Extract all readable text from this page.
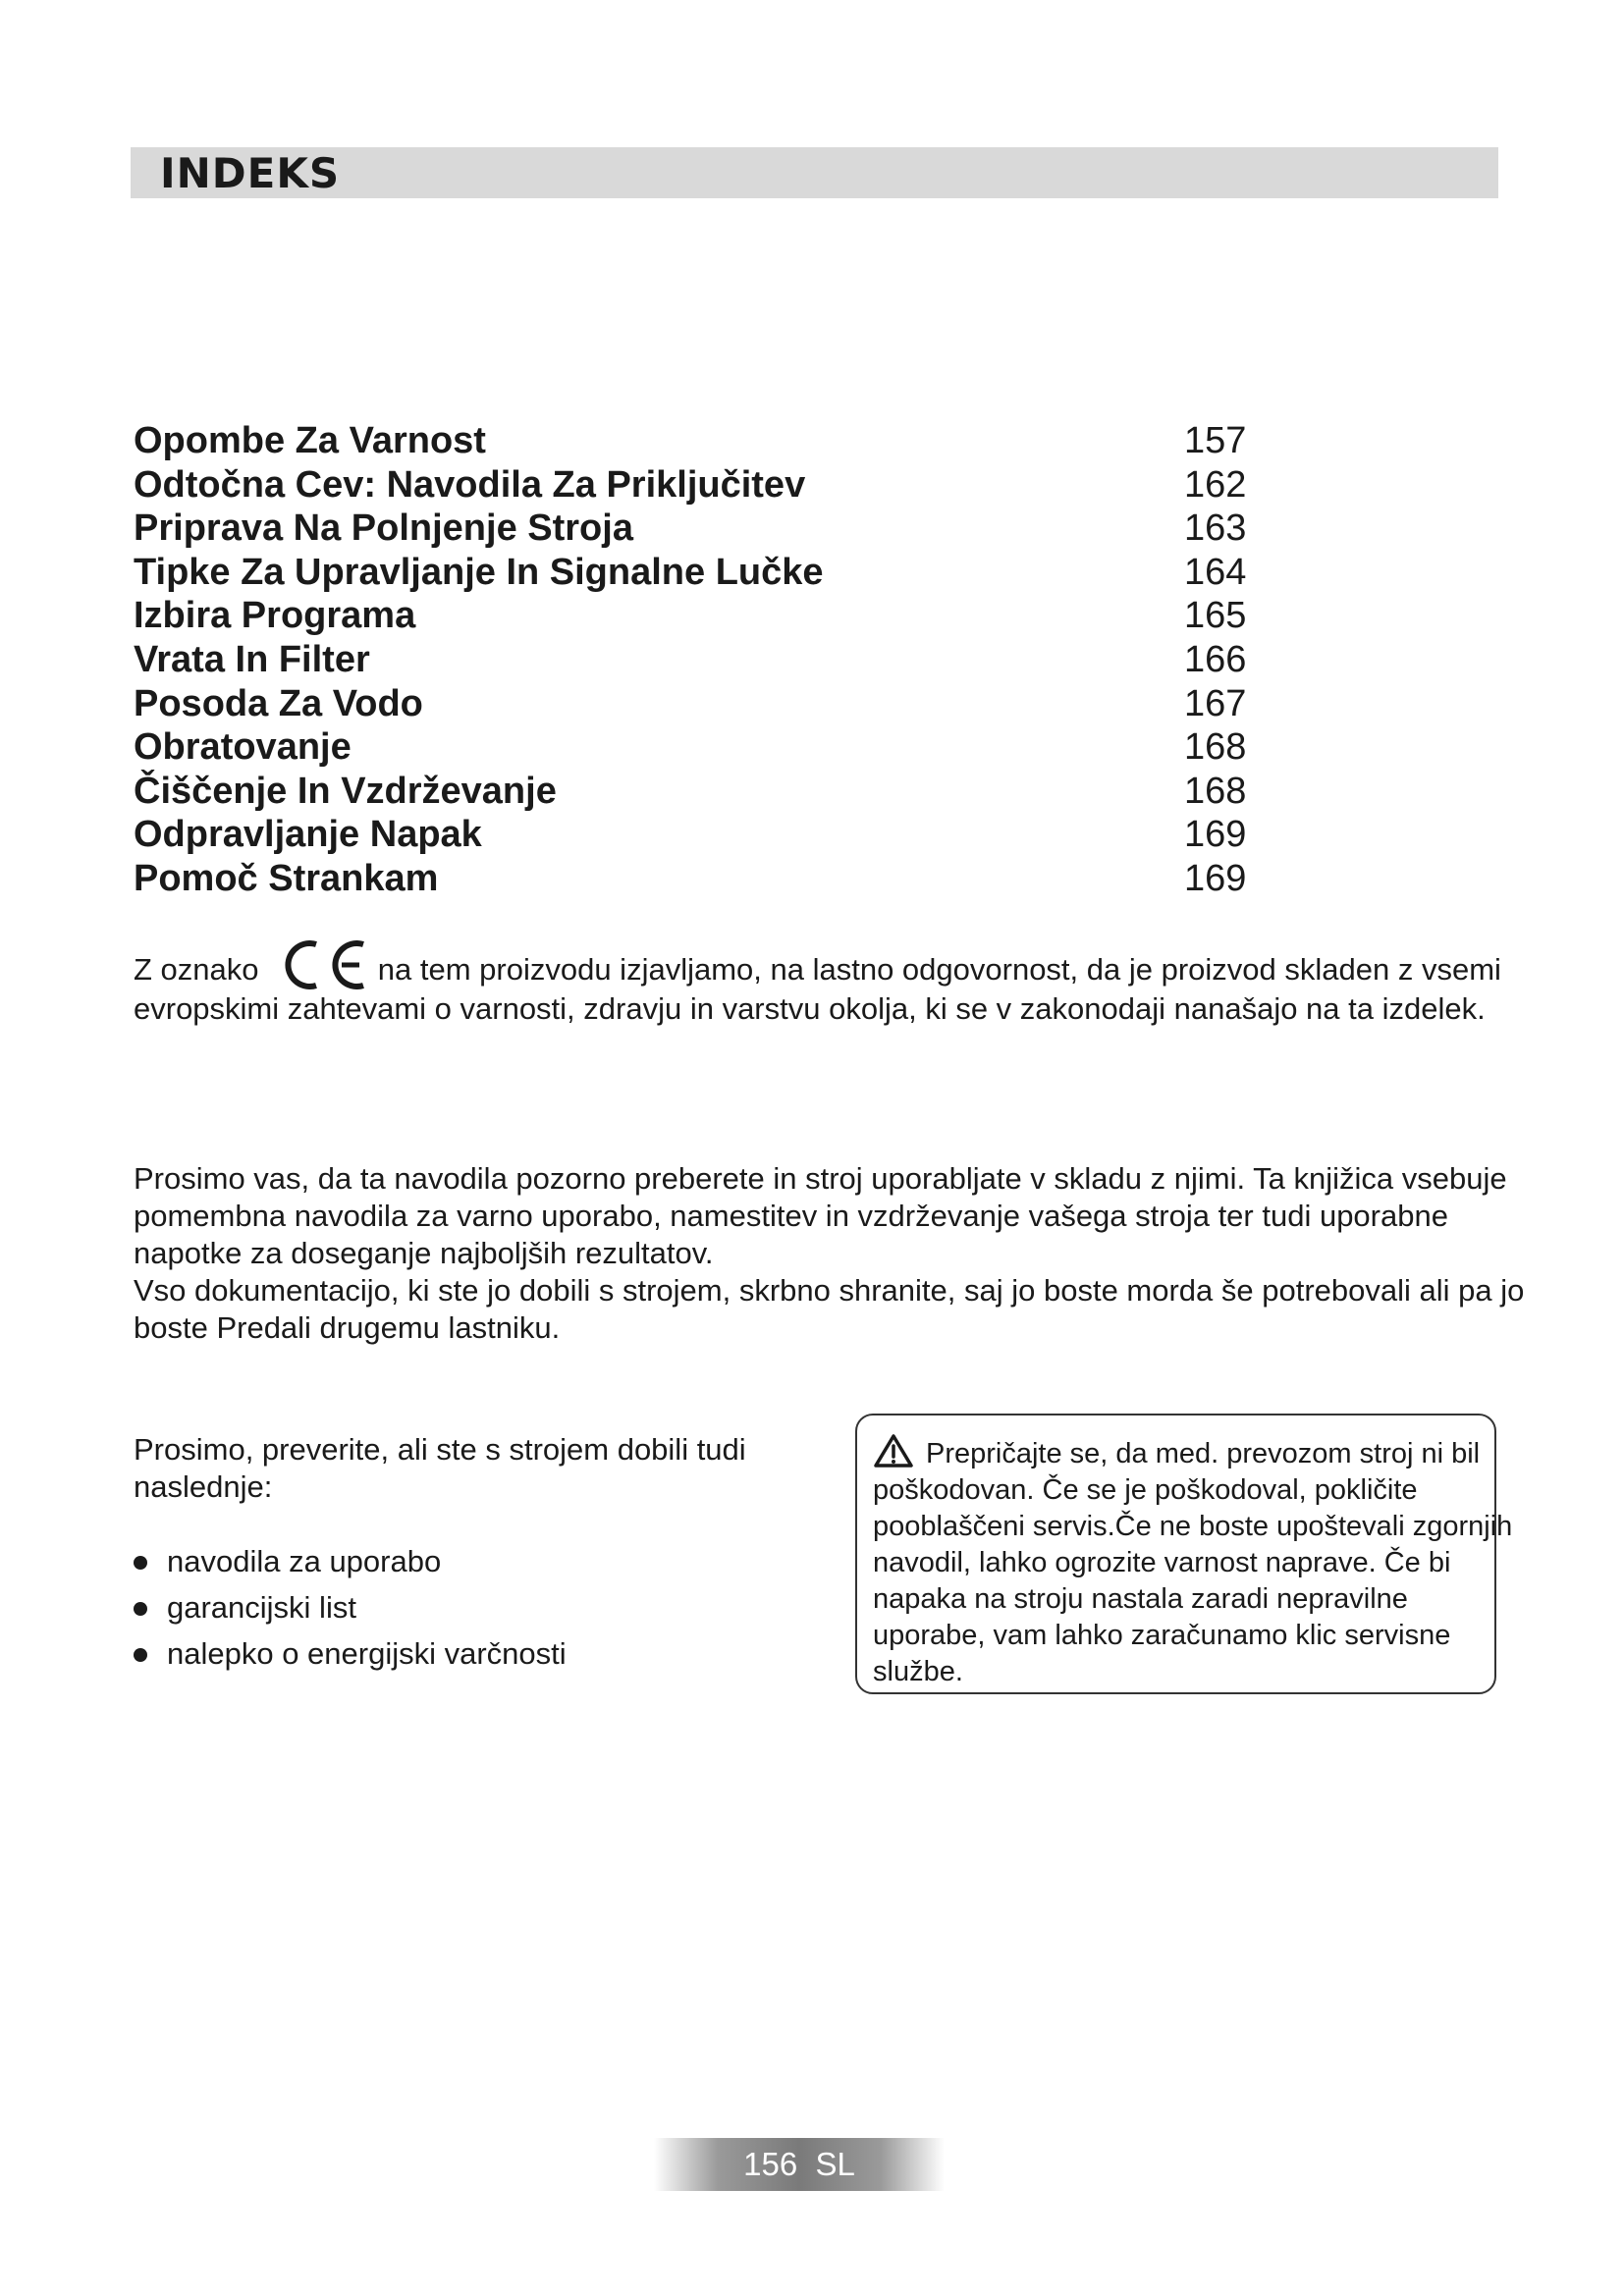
INDEKS
Opombe Za Varnost	157
Odtočna Cev: Navodila Za Priključitev	162
Priprava Na Polnjenje Stroja	163
Tipke Za Upravljanje In Signalne Lučke	164
Izbira Programa	165
Vrata In Filter	166
Posoda Za Vodo	167
Obratovanje	168
Čiščenje In Vzdrževanje	168
Odpravljanje Napak	169
Pomoč Strankam	169
Z oznako	na tem proizvodu izjavljamo, na lastno odgovornost, da je proizvod skladen z vsemi evropskimi zahtevami o varnosti, zdravju in varstvu okolja, ki se v zakonodaji nanašajo na ta izdelek.

Prosimo vas, da ta navodila pozorno preberete in stroj uporabljate v skladu z njimi. Ta knjižica vsebuje pomembna navodila za varno uporabo, namestitev in vzdrževanje vašega stroja ter tudi uporabne napotke za doseganje najboljših rezultatov.

Vso dokumentacijo, ki ste jo dobili s strojem, skrbno shranite, saj jo boste morda še potrebovali ali pa jo boste Predali drugemu lastniku.

Prosimo, preverite, ali ste s strojem dobili tudi naslednje:

navodila za uporabo
garancijski list
nalepko o energijski varčnosti

Prepričajte se, da med. prevozom stroj ni bil poškodovan. Če se je poškodoval, pokličite pooblaščeni servis.Če ne boste upoštevali zgornjih navodil, lahko ogrozite varnost naprave. Če bi napaka na stroju nastala zaradi nepravilne uporabe, vam lahko zaračunamo klic servisne službe.

156  SL
